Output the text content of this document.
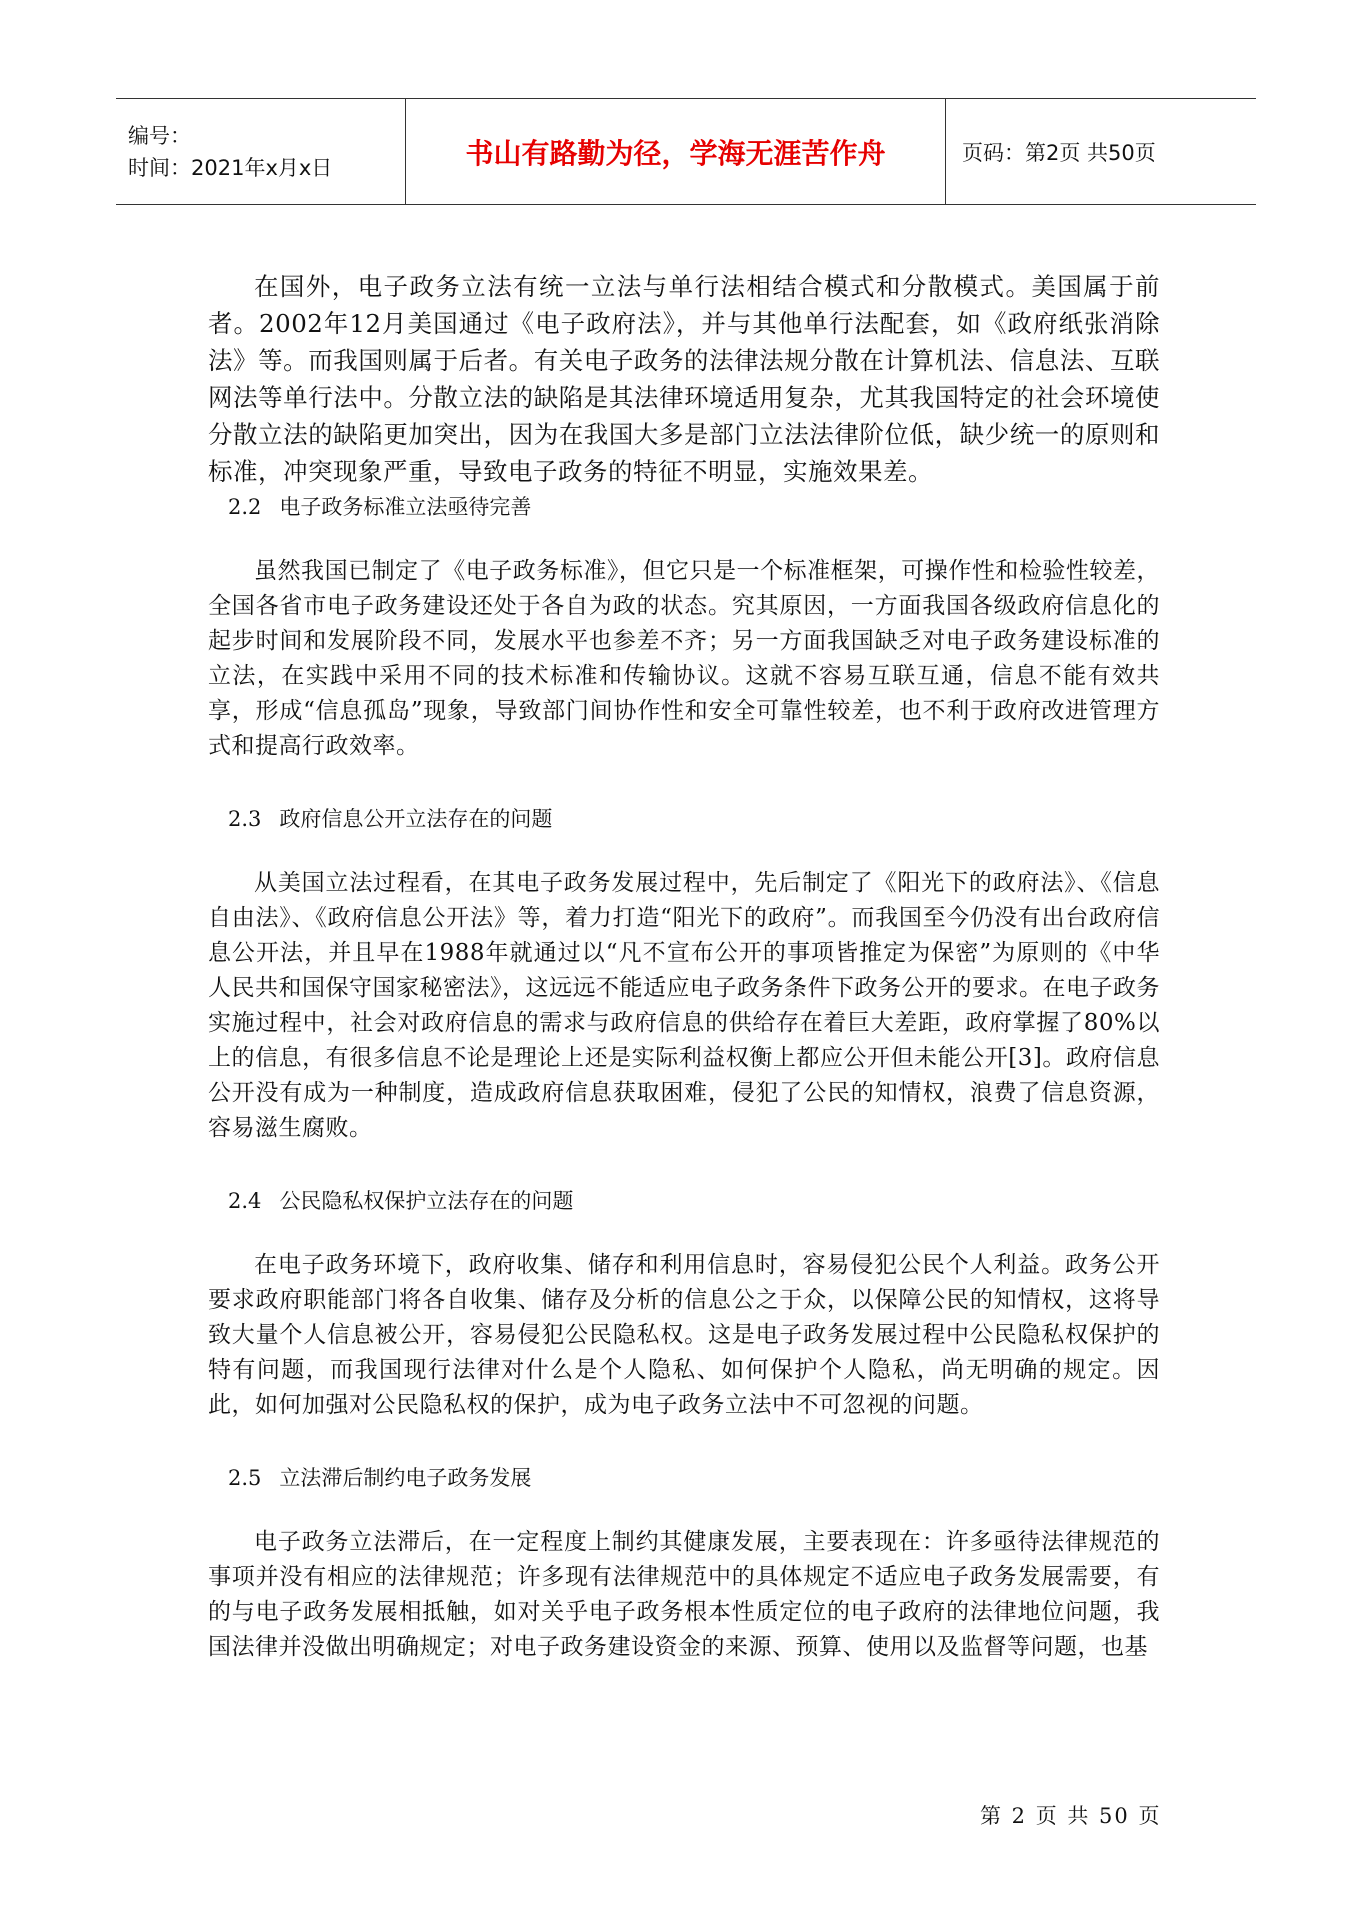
编号：
时间：2021年x月x日	书山有路勤为径，学海无涯苦作舟	页码：第2页 共50页

在国外，电子政务立法有统一立法与单行法相结合模式和分散模式。美国属于前者。2002年12月美国通过《电子政府法》，并与其他单行法配套，如《政府纸张消除法》等。而我国则属于后者。有关电子政务的法律法规分散在计算机法、信息法、互联网法等单行法中。分散立法的缺陷是其法律环境适用复杂，尤其我国特定的社会环境使分散立法的缺陷更加突出，因为在我国大多是部门立法法律阶位低，缺少统一的原则和标准，冲突现象严重，导致电子政务的特征不明显，实施效果差。

2.2 电子政务标准立法亟待完善

虽然我国已制定了《电子政务标准》，但它只是一个标准框架，可操作性和检验性较差，全国各省市电子政务建设还处于各自为政的状态。究其原因，一方面我国各级政府信息化的起步时间和发展阶段不同，发展水平也参差不齐；另一方面我国缺乏对电子政务建设标准的立法，在实践中采用不同的技术标准和传输协议。这就不容易互联互通，信息不能有效共享，形成“信息孤岛”现象，导致部门间协作性和安全可靠性较差，也不利于政府改进管理方式和提高行政效率。

2.3 政府信息公开立法存在的问题

从美国立法过程看，在其电子政务发展过程中，先后制定了《阳光下的政府法》、《信息自由法》、《政府信息公开法》等，着力打造“阳光下的政府”。而我国至今仍没有出台政府信息公开法，并且早在1988年就通过以“凡不宣布公开的事项皆推定为保密”为原则的《中华人民共和国保守国家秘密法》，这远远不能适应电子政务条件下政务公开的要求。在电子政务实施过程中，社会对政府信息的需求与政府信息的供给存在着巨大差距，政府掌握了80%以上的信息，有很多信息不论是理论上还是实际利益权衡上都应公开但未能公开[3]。政府信息公开没有成为一种制度，造成政府信息获取困难，侵犯了公民的知情权，浪费了信息资源，容易滋生腐败。

2.4 公民隐私权保护立法存在的问题

在电子政务环境下，政府收集、储存和利用信息时，容易侵犯公民个人利益。政务公开要求政府职能部门将各自收集、储存及分析的信息公之于众，以保障公民的知情权，这将导致大量个人信息被公开，容易侵犯公民隐私权。这是电子政务发展过程中公民隐私权保护的特有问题，而我国现行法律对什么是个人隐私、如何保护个人隐私，尚无明确的规定。因此，如何加强对公民隐私权的保护，成为电子政务立法中不可忽视的问题。

2.5 立法滞后制约电子政务发展

电子政务立法滞后，在一定程度上制约其健康发展，主要表现在：许多亟待法律规范的事项并没有相应的法律规范；许多现有法律规范中的具体规定不适应电子政务发展需要，有的与电子政务发展相抵触，如对关乎电子政务根本性质定位的电子政府的法律地位问题，我国法律并没做出明确规定；对电子政务建设资金的来源、预算、使用以及监督等问题，也基

第 2 页 共 50 页
